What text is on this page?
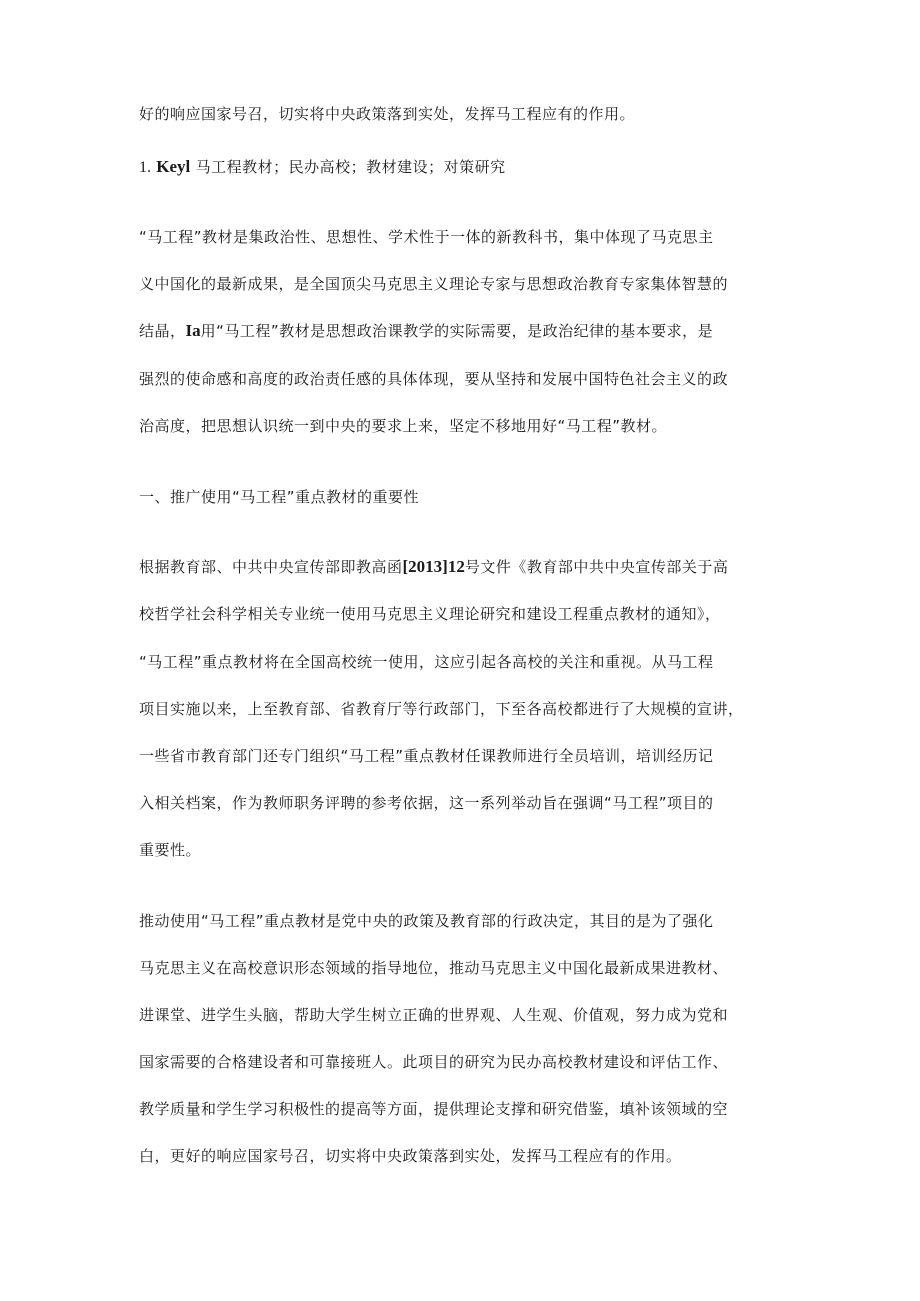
好的响应国家号召，切实将中央政策落到实处，发挥马工程应有的作用。
1. Keyl 马工程教材；民办高校；教材建设；对策研究
“马工程”教材是集政治性、思想性、学术性于一体的新教科书，集中体现了马克思主
义中国化的最新成果，是全国顶尖马克思主义理论专家与思想政治教育专家集体智慧的
结晶，Ia用“马工程”教材是思想政治课教学的实际需要，是政治纪律的基本要求，是
强烈的使命感和高度的政治责任感的具体体现，要从坚持和发展中国特色社会主义的政
治高度，把思想认识统一到中央的要求上来，坚定不移地用好“马工程”教材。
一、推广使用“马工程”重点教材的重要性
根据教育部、中共中央宣传部即教高函[2013]12号文件《教育部中共中央宣传部关于高
校哲学社会科学相关专业统一使用马克思主义理论研究和建设工程重点教材的通知》，
“马工程”重点教材将在全国高校统一使用，这应引起各高校的关注和重视。从马工程
项目实施以来，上至教育部、省教育厅等行政部门，下至各高校都进行了大规模的宣讲，
一些省市教育部门还专门组织“马工程”重点教材任课教师进行全员培训，培训经历记
入相关档案，作为教师职务评聘的参考依据，这一系列举动旨在强调“马工程”项目的
重要性。
推动使用“马工程”重点教材是党中央的政策及教育部的行政决定，其目的是为了强化
马克思主义在高校意识形态领域的指导地位，推动马克思主义中国化最新成果进教材、
进课堂、进学生头脑，帮助大学生树立正确的世界观、人生观、价值观，努力成为党和
国家需要的合格建设者和可靠接班人。此项目的研究为民办高校教材建设和评估工作、
教学质量和学生学习积极性的提高等方面，提供理论支撑和研究借鉴，填补该领域的空
白，更好的响应国家号召，切实将中央政策落到实处，发挥马工程应有的作用。
